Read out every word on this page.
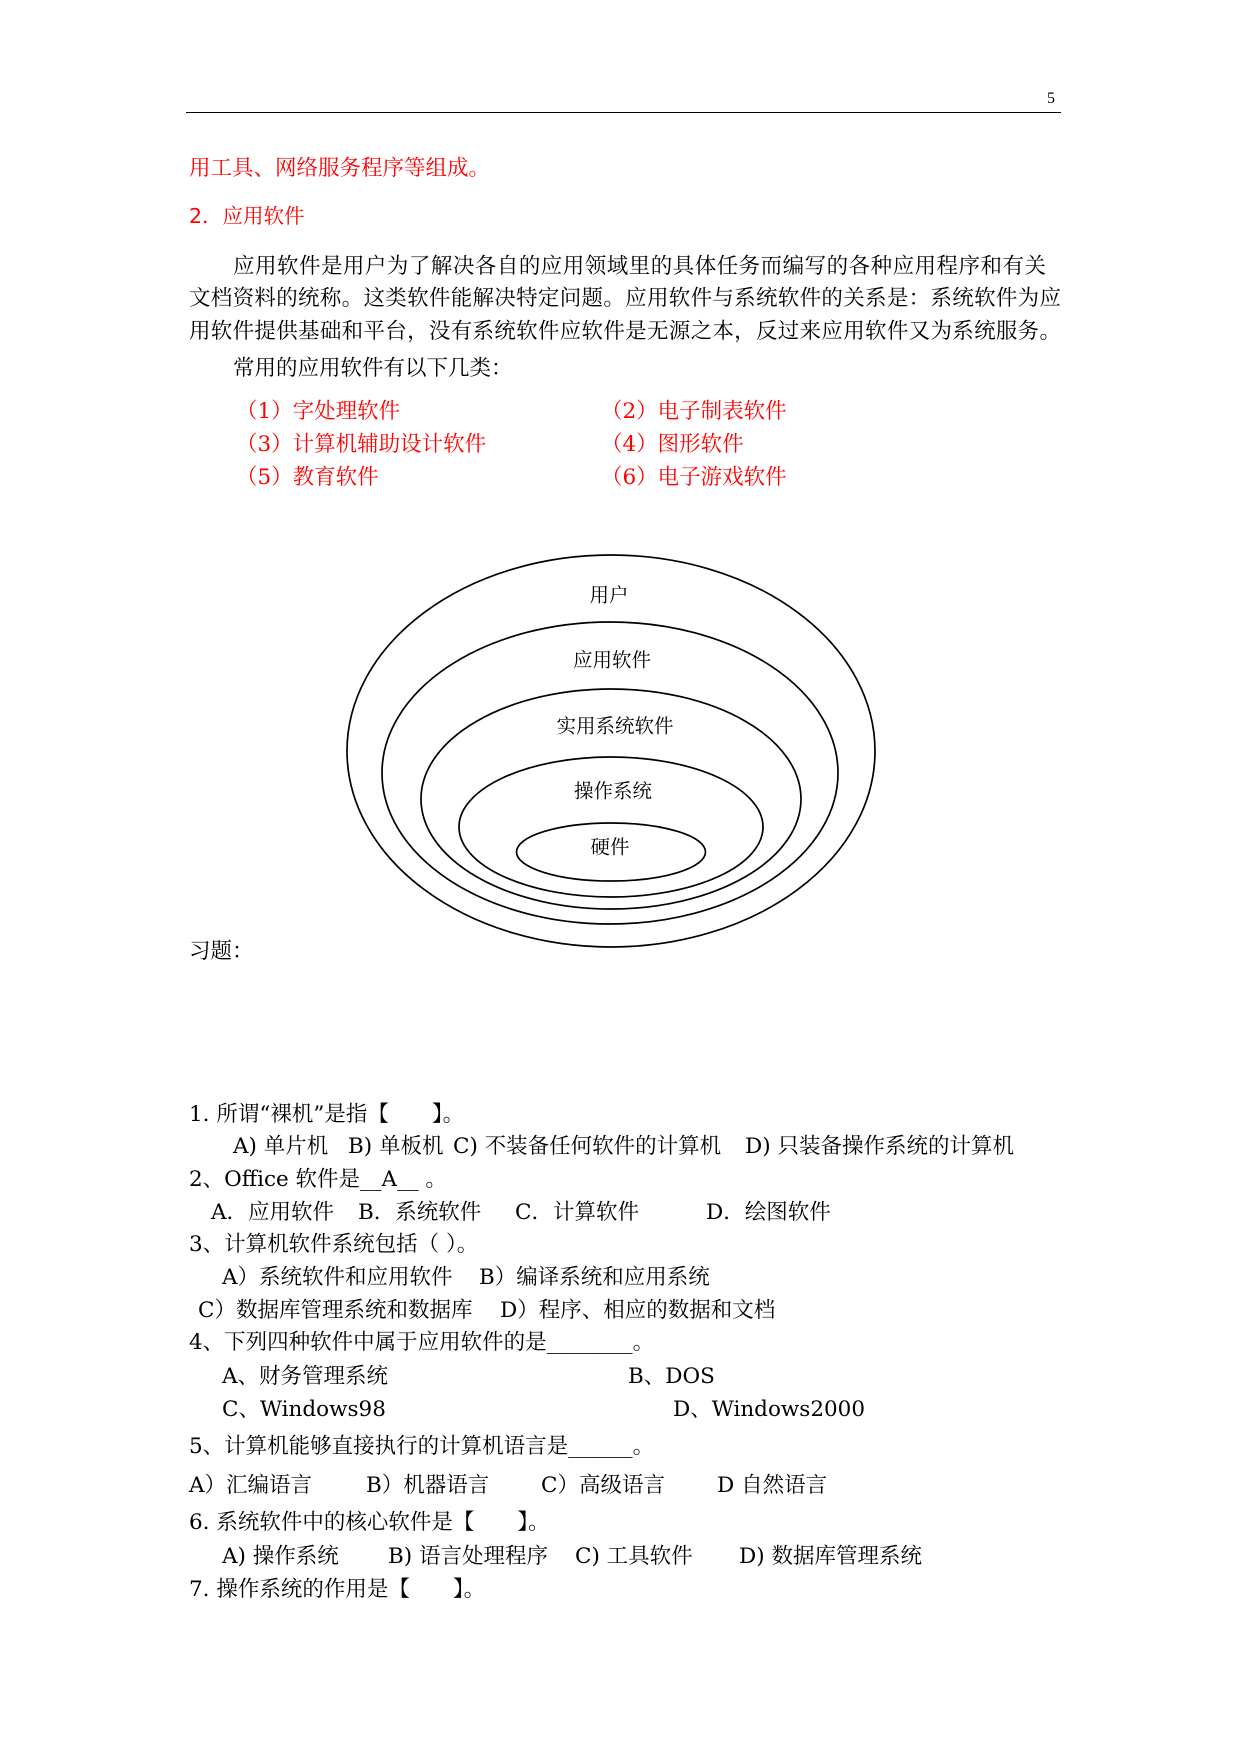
5
用工具、网络服务程序等组成。
2．应用软件
应用软件是用户为了解决各自的应用领域里的具体任务而编写的各种应用程序和有关
文档资料的统称。这类软件能解决特定问题。应用软件与系统软件的关系是：系统软件为应
用软件提供基础和平台，没有系统软件应软件是无源之本，反过来应用软件又为系统服务。
常用的应用软件有以下几类：
（1）字处理软件	（2）电子制表软件
（3）计算机辅助设计软件	（4）图形软件
（5）教育软件	（6）电子游戏软件
用户
应用软件
实用系统软件
操作系统
硬件
习题：
1. 所谓“裸机”是指【　　】。
A) 单片机 B) 单板机 C) 不装备任何软件的计算机 D) 只装备操作系统的计算机
2、Office 软件是__A__ 。
A．应用软件 B．系统软件 C．计算软件	D．绘图软件
3、计算机软件系统包括（ ）。
A）系统软件和应用软件 B）编译系统和应用系统
C）数据库管理系统和数据库 D）程序、相应的数据和文档
4、下列四种软件中属于应用软件的是________。
A、财务管理系统	B、DOS
C、Windows98	D、Windows2000
5、计算机能够直接执行的计算机语言是______。
A）汇编语言	B）机器语言 C）高级语言 D 自然语言
6. 系统软件中的核心软件是【　　】。
A) 操作系统 B) 语言处理程序 C) 工具软件 D) 数据库管理系统
7. 操作系统的作用是【　　】。
